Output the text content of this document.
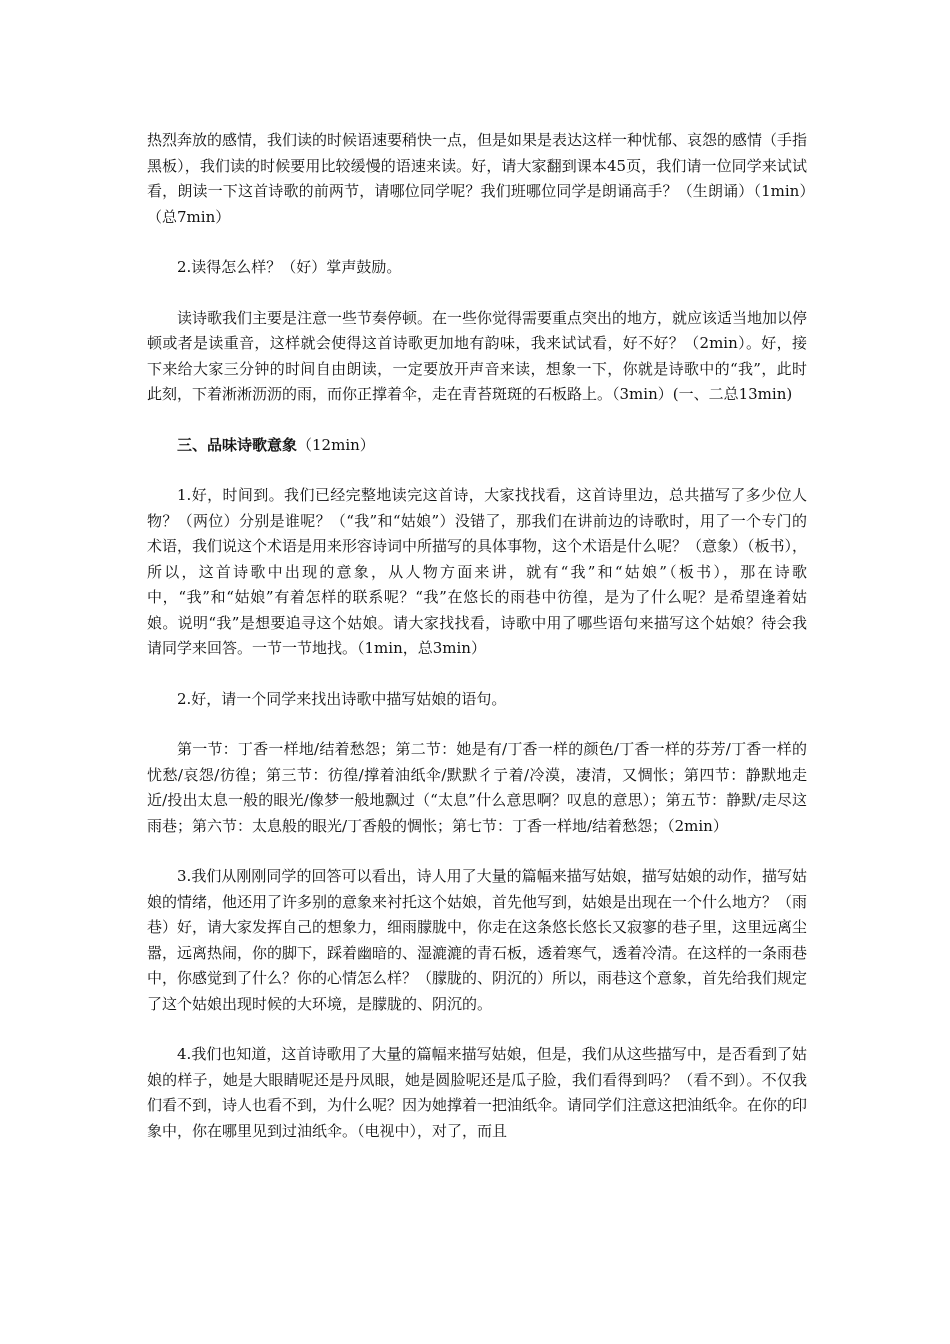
热烈奔放的感情，我们读的时候语速要稍快一点，但是如果是表达这样一种忧郁、哀怨的感情（手指黑板），我们读的时候要用比较缓慢的语速来读。好，请大家翻到课本45页，我们请一位同学来试试看，朗读一下这首诗歌的前两节，请哪位同学呢？我们班哪位同学是朗诵高手？（生朗诵）（1min）（总7min）

2.读得怎么样？（好）掌声鼓励。

读诗歌我们主要是注意一些节奏停顿。在一些你觉得需要重点突出的地方，就应该适当地加以停顿或者是读重音，这样就会使得这首诗歌更加地有韵味，我来试试看，好不好？（2min）。好，接下来给大家三分钟的时间自由朗读，一定要放开声音来读，想象一下，你就是诗歌中的“我”，此时此刻，下着淅淅沥沥的雨，而你正撑着伞，走在青苔斑斑的石板路上。（3min）(一、二总13min)

三、品味诗歌意象（12min）

1.好，时间到。我们已经完整地读完这首诗，大家找找看，这首诗里边，总共描写了多少位人物？（两位）分别是谁呢？（“我”和“姑娘”）没错了，那我们在讲前边的诗歌时，用了一个专门的术语，我们说这个术语是用来形容诗词中所描写的具体事物，这个术语是什么呢？（意象）（板书），所以，这首诗歌中出现的意象，从人物方面来讲，就有“我”和“姑娘”（板书），那在诗歌中，“我”和“姑娘”有着怎样的联系呢？“我”在悠长的雨巷中彷徨，是为了什么呢？是希望逢着姑娘。说明“我”是想要追寻这个姑娘。请大家找找看，诗歌中用了哪些语句来描写这个姑娘？待会我请同学来回答。一节一节地找。（1min，总3min）

2.好，请一个同学来找出诗歌中描写姑娘的语句。

第一节：丁香一样地/结着愁怨；第二节：她是有/丁香一样的颜色/丁香一样的芬芳/丁香一样的忧愁/哀怨/彷徨；第三节：彷徨/撑着油纸伞/默默彳亍着/冷漠，凄清，又惆怅；第四节：静默地走近/投出太息一般的眼光/像梦一般地飘过（“太息”什么意思啊？叹息的意思）；第五节：静默/走尽这雨巷；第六节：太息般的眼光/丁香般的惆怅；第七节：丁香一样地/结着愁怨；（2min）

3.我们从刚刚同学的回答可以看出，诗人用了大量的篇幅来描写姑娘，描写姑娘的动作，描写姑娘的情绪，他还用了许多别的意象来衬托这个姑娘，首先他写到，姑娘是出现在一个什么地方？（雨巷）好，请大家发挥自己的想象力，细雨朦胧中，你走在这条悠长悠长又寂寥的巷子里，这里远离尘嚣，远离热闹，你的脚下，踩着幽暗的、湿漉漉的青石板，透着寒气，透着冷清。在这样的一条雨巷中，你感觉到了什么？你的心情怎么样？（朦胧的、阴沉的）所以，雨巷这个意象，首先给我们规定了这个姑娘出现时候的大环境，是朦胧的、阴沉的。

4.我们也知道，这首诗歌用了大量的篇幅来描写姑娘，但是，我们从这些描写中，是否看到了姑娘的样子，她是大眼睛呢还是丹凤眼，她是圆脸呢还是瓜子脸，我们看得到吗？（看不到）。不仅我们看不到，诗人也看不到，为什么呢？因为她撑着一把油纸伞。请同学们注意这把油纸伞。在你的印象中，你在哪里见到过油纸伞。（电视中），对了，而且
